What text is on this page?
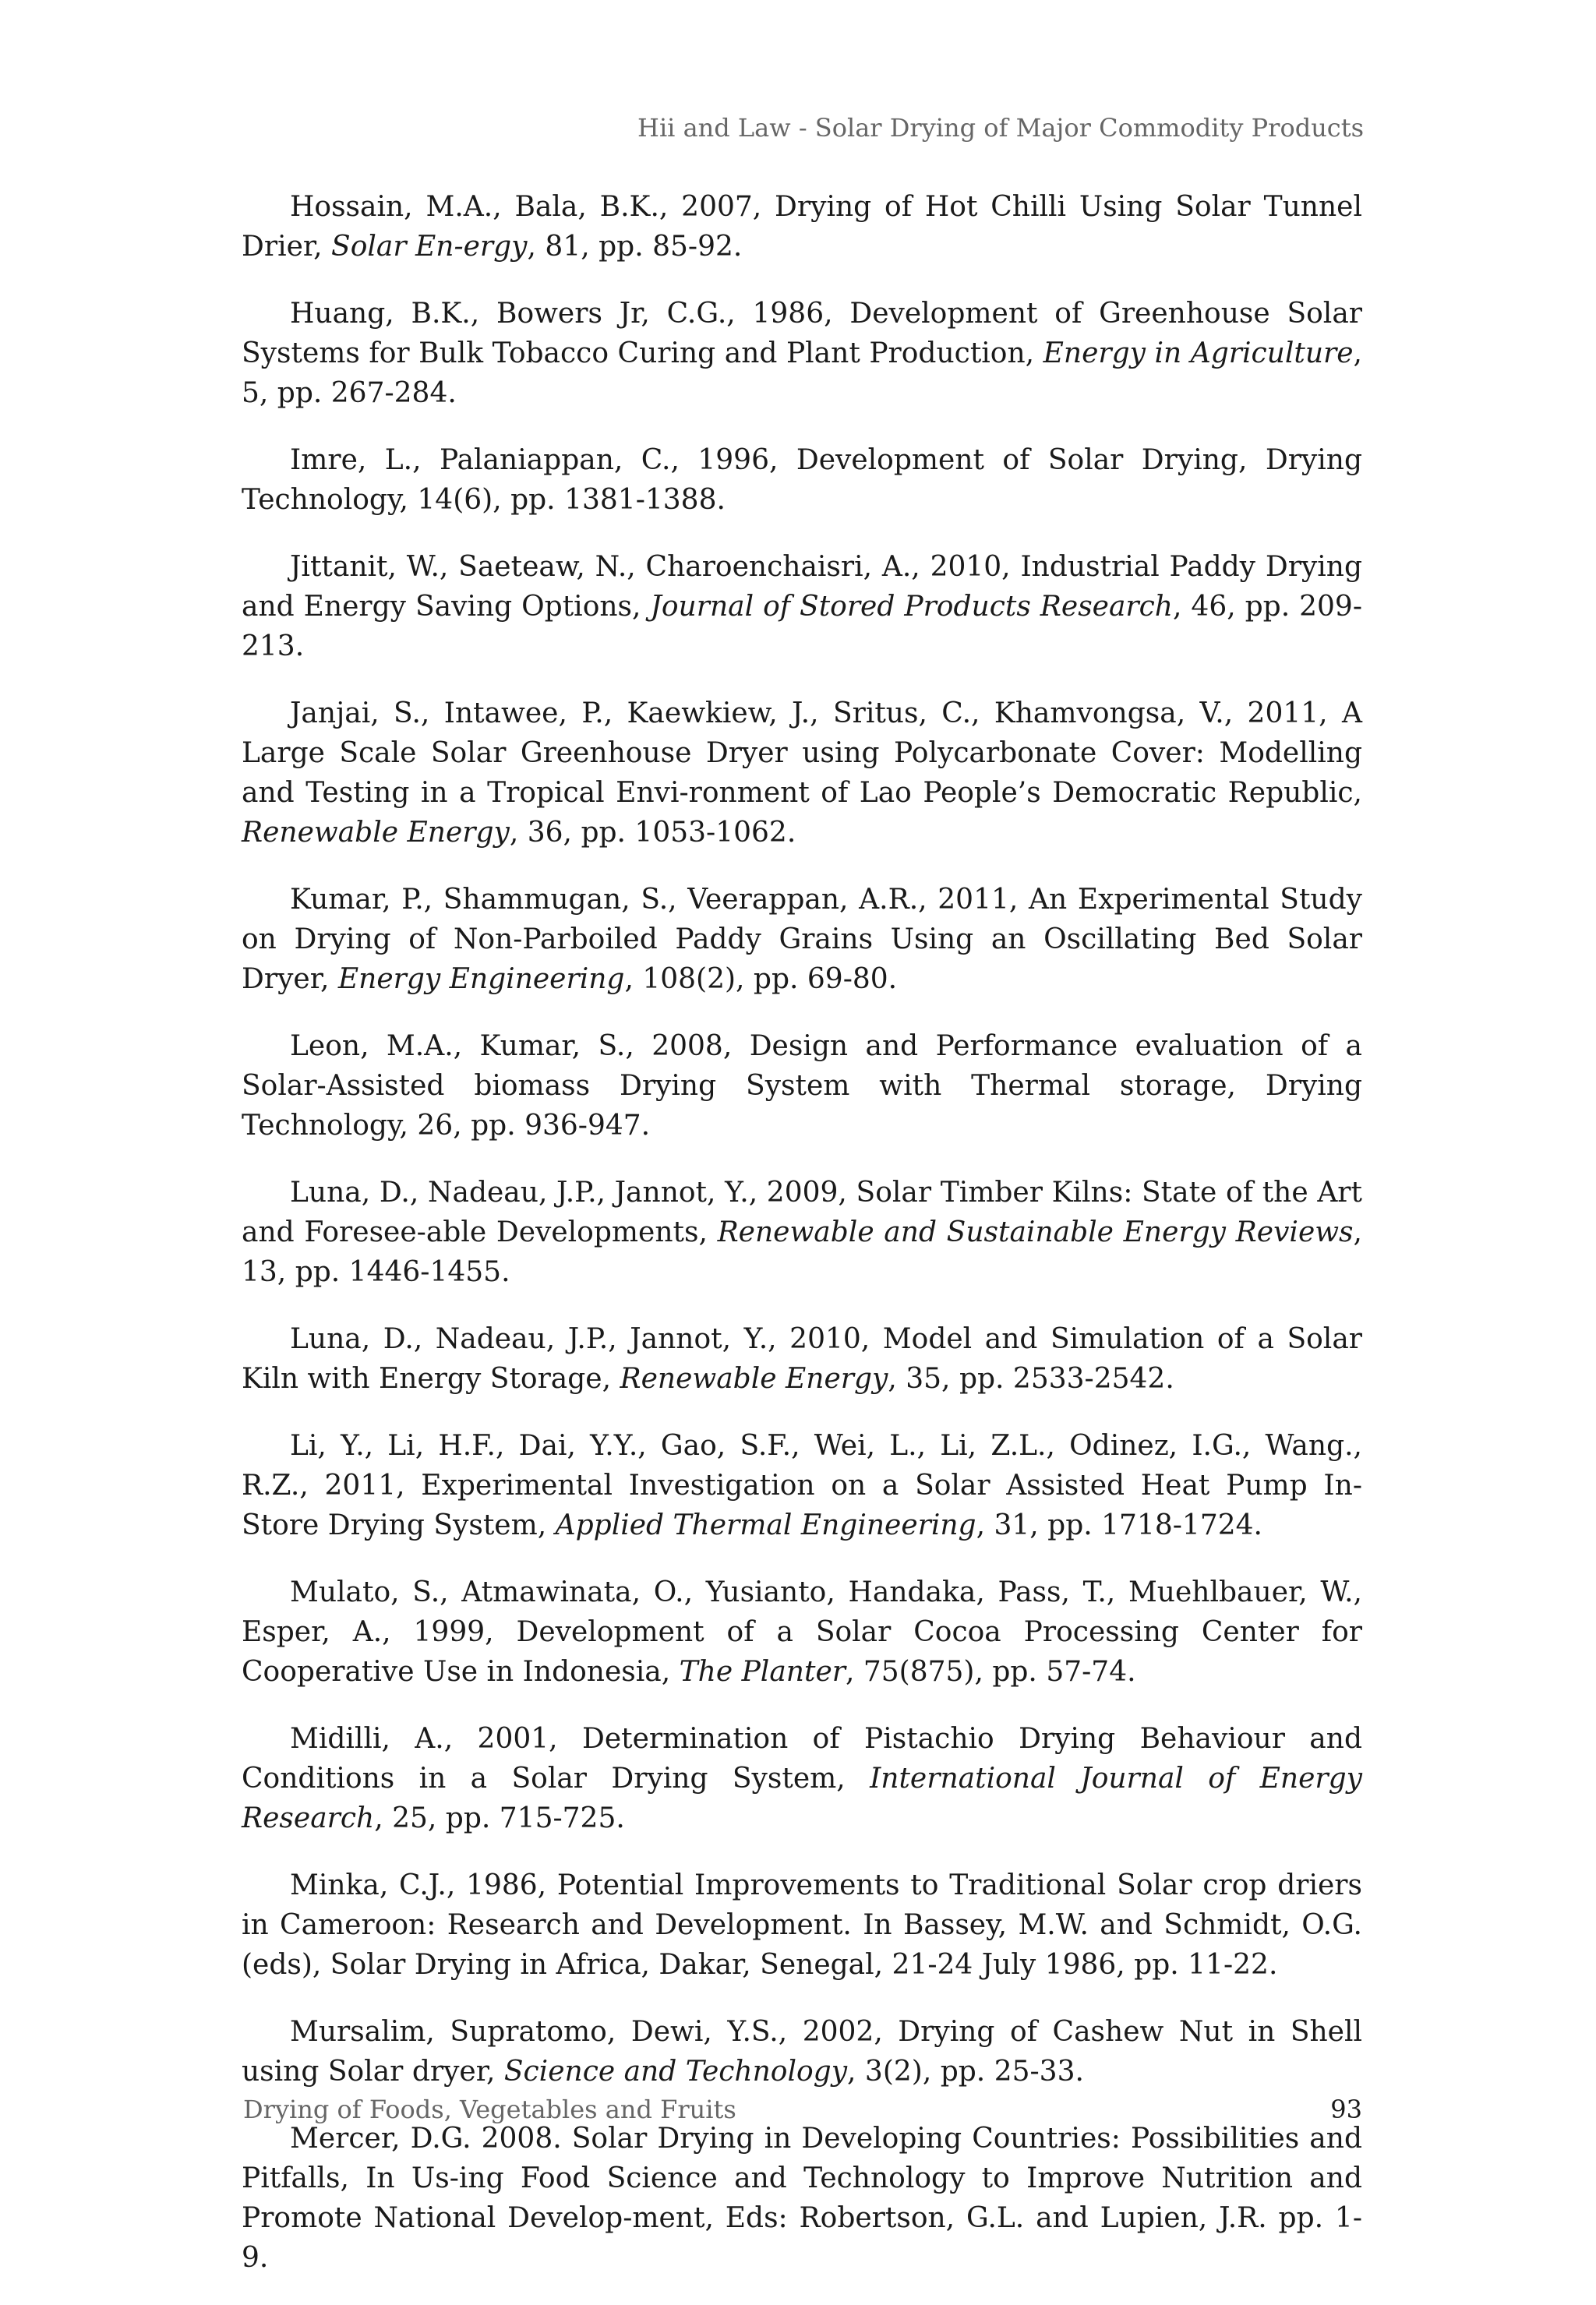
Hii and Law - Solar Drying of Major Commodity Products
Hossain, M.A., Bala, B.K., 2007, Drying of Hot Chilli Using Solar Tunnel Drier, Solar En-ergy, 81, pp. 85-92.
Huang, B.K., Bowers Jr, C.G., 1986, Development of Greenhouse Solar Systems for Bulk Tobacco Curing and Plant Production, Energy in Agriculture, 5, pp. 267-284.
Imre, L., Palaniappan, C., 1996, Development of Solar Drying, Drying Technology, 14(6), pp. 1381-1388.
Jittanit, W., Saeteaw, N., Charoenchaisri, A., 2010, Industrial Paddy Drying and Energy Saving Options, Journal of Stored Products Research, 46, pp. 209-213.
Janjai, S., Intawee, P., Kaewkiew, J., Sritus, C., Khamvongsa, V., 2011, A Large Scale Solar Greenhouse Dryer using Polycarbonate Cover: Modelling and Testing in a Tropical Envi-ronment of Lao People’s Democratic Republic, Renewable Energy, 36, pp. 1053-1062.
Kumar, P., Shammugan, S., Veerappan, A.R., 2011, An Experimental Study on Drying of Non-Parboiled Paddy Grains Using an Oscillating Bed Solar Dryer, Energy Engineering, 108(2), pp. 69-80.
Leon, M.A., Kumar, S., 2008, Design and Performance evaluation of a Solar-Assisted biomass Drying System with Thermal storage, Drying Technology, 26, pp. 936-947.
Luna, D., Nadeau, J.P., Jannot, Y., 2009, Solar Timber Kilns: State of the Art and Foresee-able Developments, Renewable and Sustainable Energy Reviews, 13, pp. 1446-1455.
Luna, D., Nadeau, J.P., Jannot, Y., 2010, Model and Simulation of a Solar Kiln with Energy Storage, Renewable Energy, 35, pp. 2533-2542.
Li, Y., Li, H.F., Dai, Y.Y., Gao, S.F., Wei, L., Li, Z.L., Odinez, I.G., Wang., R.Z., 2011, Experimental Investigation on a Solar Assisted Heat Pump In-Store Drying System, Applied Thermal Engineering, 31, pp. 1718-1724.
Mulato, S., Atmawinata, O., Yusianto, Handaka, Pass, T., Muehlbauer, W., Esper, A., 1999, Development of a Solar Cocoa Processing Center for Cooperative Use in Indonesia, The Planter, 75(875), pp. 57-74.
Midilli, A., 2001, Determination of Pistachio Drying Behaviour and Conditions in a Solar Drying System, International Journal of Energy Research, 25, pp. 715-725.
Minka, C.J., 1986, Potential Improvements to Traditional Solar crop driers in Cameroon: Research and Development. In Bassey, M.W. and Schmidt, O.G. (eds), Solar Drying in Africa, Dakar, Senegal, 21-24 July 1986, pp. 11-22.
Mursalim, Supratomo, Dewi, Y.S., 2002, Drying of Cashew Nut in Shell using Solar dryer, Science and Technology, 3(2), pp. 25-33.
Mercer, D.G. 2008. Solar Drying in Developing Countries: Possibilities and Pitfalls, In Us-ing Food Science and Technology to Improve Nutrition and Promote National Develop-ment, Eds: Robertson, G.L. and Lupien, J.R. pp. 1-9.
Drying of Foods, Vegetables and Fruits	93
